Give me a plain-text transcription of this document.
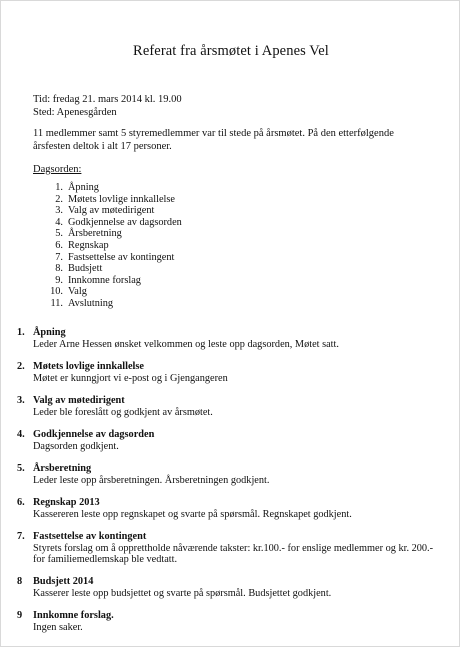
Referat fra årsmøtet i Apenes Vel
Tid: fredag 21. mars 2014 kl. 19.00
Sted: Apenesgården
11 medlemmer samt 5 styremedlemmer var til stede på årsmøtet. På den etterfølgende årsfesten deltok i alt 17 personer.
Dagsorden:
1. Åpning
2. Møtets lovlige innkallelse
3. Valg av møtedirigent
4. Godkjennelse av dagsorden
5. Årsberetning
6. Regnskap
7. Fastsettelse av kontingent
8. Budsjett
9. Innkomne forslag
10. Valg
11. Avslutning
1. Åpning
Leder Arne Hessen ønsket velkommen og leste opp dagsorden, Møtet satt.
2. Møtets lovlige innkallelse
Møtet er kunngjort vi e-post og i Gjengangeren
3. Valg av møtedirigent
Leder ble foreslått og godkjent av årsmøtet.
4. Godkjennelse av dagsorden
Dagsorden godkjent.
5. Årsberetning
Leder leste opp årsberetningen. Årsberetningen godkjent.
6. Regnskap 2013
Kassereren leste opp regnskapet og svarte på spørsmål. Regnskapet godkjent.
7. Fastsettelse av kontingent
Styrets forslag om å opprettholde nåværende takster: kr.100.- for enslige medlemmer og kr. 200.- for familiemedlemskap ble vedtatt.
8	Budsjett 2014
Kasserer leste opp budsjettet og svarte på spørsmål. Budsjettet godkjent.
9	Innkomne forslag.
Ingen saker.
